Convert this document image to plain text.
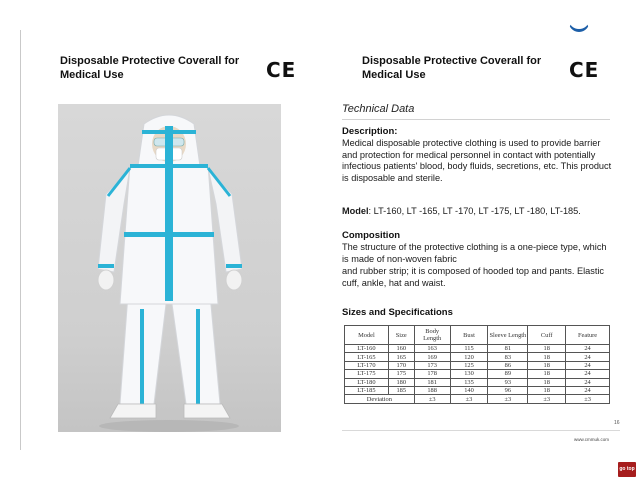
Disposable Protective Coverall for Medical Use	CE	Disposable Protective Coverall for Medical Use	CE
Technical Data
Description:
Medical disposable protective clothing is used to provide barrier and protection for medical personnel in contact with potentially infectious patients' blood, body fluids, secretions, etc. This product is disposable and sterile.
Model: LT-160, LT -165, LT -170, LT -175, LT -180, LT-185.
Composition
The structure of the protective clothing is a one-piece type, which is made of non-woven fabric
and rubber strip; it is composed of hooded top and pants. Elastic cuff, ankle, hat and waist.
Sizes and Specifications
Model	Size	Body Length	Bust	Sleeve Length	Cuff	Feature
LT-160	160	163	115	81	18	24
LT-165	165	169	120	83	18	24
LT-170	170	173	125	86	18	24
LT-175	175	178	130	89	18	24
LT-180	180	181	135	93	18	24
LT-185	185	188	140	96	18	24
Deviation		±3	±3	±3	±3	±3
16
www.cmmuk.com
go top
